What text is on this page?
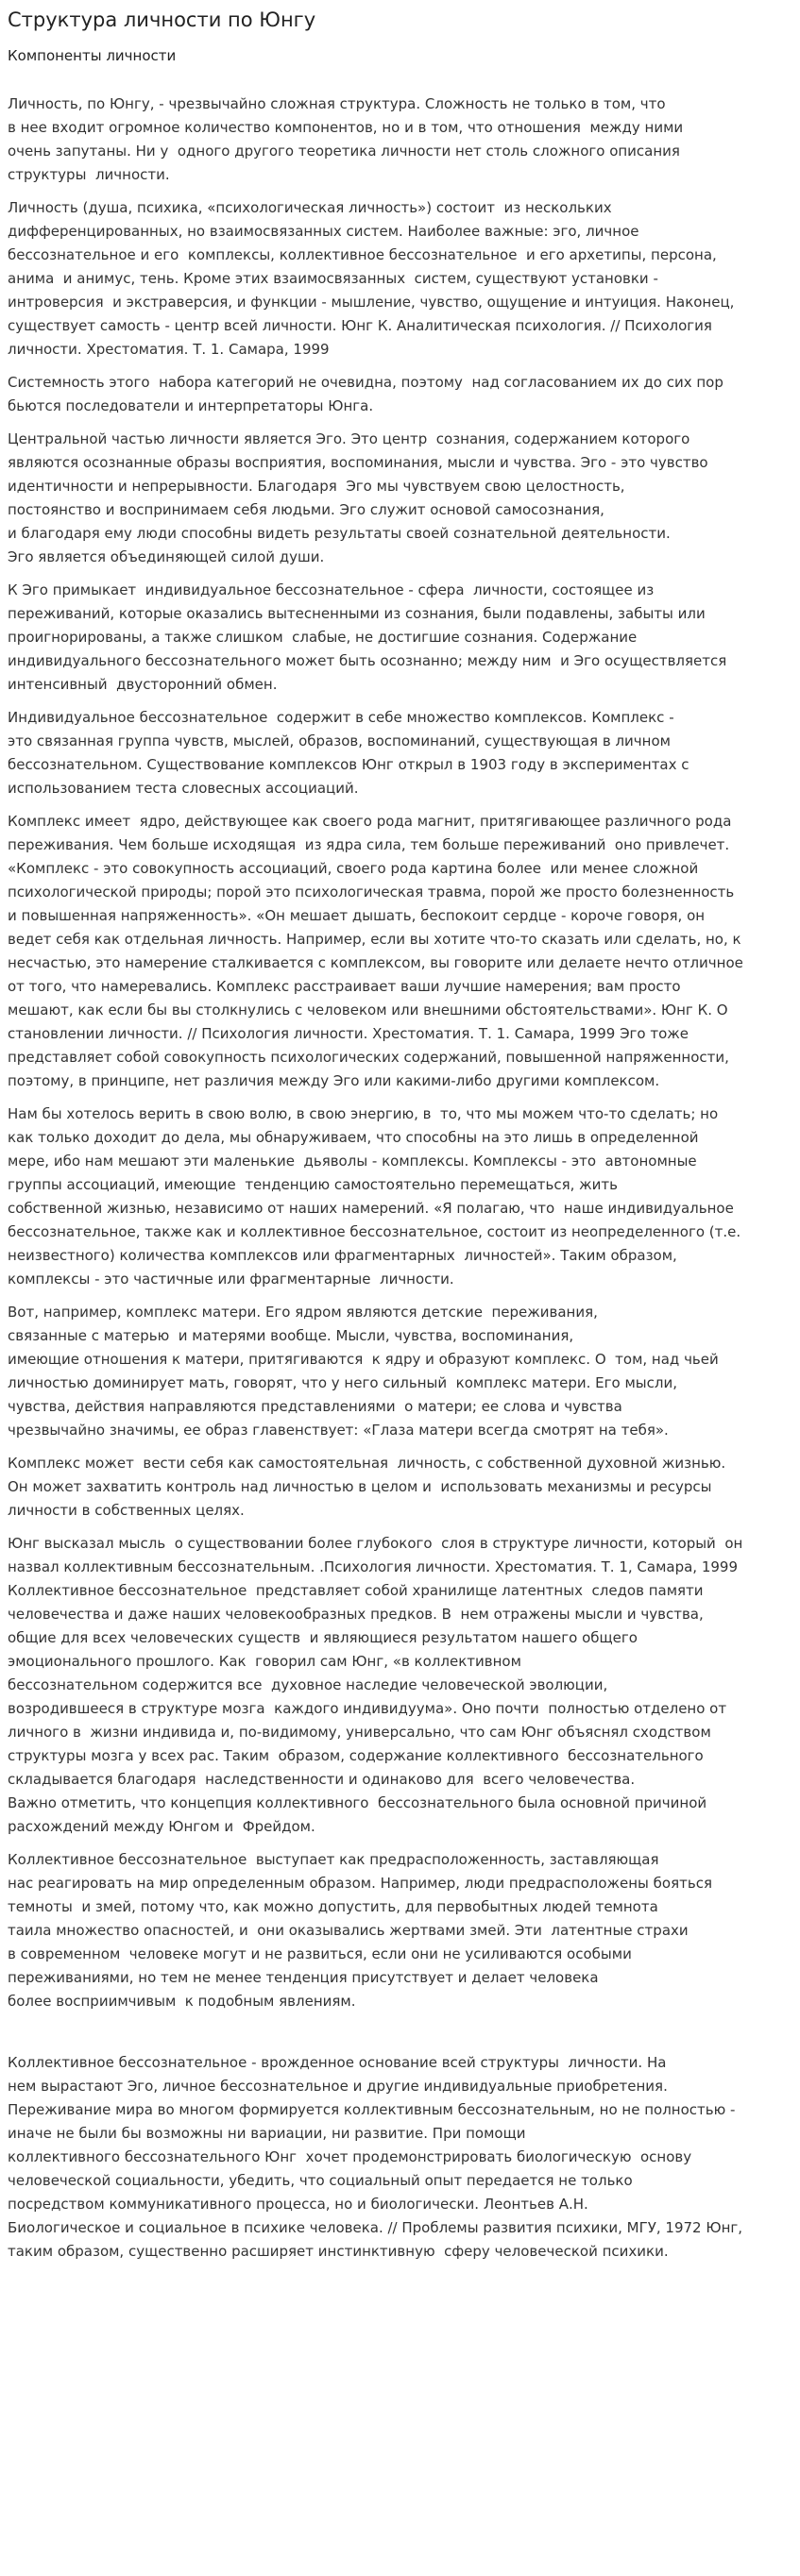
Структура личности по Юнгу
Компоненты личности

Личность, по Юнгу, - чрезвычайно сложная структура. Сложность не только в том, что
в нее входит огромное количество компонентов, но и в том, что отношения  между ними
очень запутаны. Ни у  одного другого теоретика личности нет столь сложного описания
структуры  личности.

Личность (душа, психика, «психологическая личность») состоит  из нескольких
дифференцированных, но взаимосвязанных систем. Наиболее важные: эго, личное
бессознательное и его  комплексы, коллективное бессознательное  и его архетипы, персона,
анима  и анимус, тень. Кроме этих взаимосвязанных  систем, существуют установки -
интроверсия  и экстраверсия, и функции - мышление, чувство, ощущение и интуиция. Наконец,
существует самость - центр всей личности. Юнг К. Аналитическая психология. // Психология
личности. Хрестоматия. Т. 1. Самара, 1999

Системность этого  набора категорий не очевидна, поэтому  над согласованием их до сих пор
бьются последователи и интерпретаторы Юнга.

Центральной частью личности является Эго. Это центр  сознания, содержанием которого
являются осознанные образы восприятия, воспоминания, мысли и чувства. Эго - это чувство
идентичности и непрерывности. Благодаря  Эго мы чувствуем свою целостность,
постоянство и воспринимаем себя людьми. Эго служит основой самосознания,
и благодаря ему люди способны видеть результаты своей сознательной деятельности.
Эго является объединяющей силой души.

К Эго примыкает  индивидуальное бессознательное - сфера  личности, состоящее из
переживаний, которые оказались вытесненными из сознания, были подавлены, забыты или
проигнорированы, а также слишком  слабые, не достигшие сознания. Содержание
индивидуального бессознательного может быть осознанно; между ним  и Эго осуществляется
интенсивный  двусторонний обмен.

Индивидуальное бессознательное  содержит в себе множество комплексов. Комплекс -
это связанная группа чувств, мыслей, образов, воспоминаний, существующая в личном
бессознательном. Существование комплексов Юнг открыл в 1903 году в экспериментах с
использованием теста словесных ассоциаций.

Комплекс имеет  ядро, действующее как своего рода магнит, притягивающее различного рода
переживания. Чем больше исходящая  из ядра сила, тем больше переживаний  оно привлечет.
«Комплекс - это совокупность ассоциаций, своего рода картина более  или менее сложной
психологической природы; порой это психологическая травма, порой же просто болезненность
и повышенная напряженность». «Он мешает дышать, беспокоит сердце - короче говоря, он
ведет себя как отдельная личность. Например, если вы хотите что-то сказать или сделать, но, к
несчастью, это намерение сталкивается с комплексом, вы говорите или делаете нечто отличное
от того, что намеревались. Комплекс расстраивает ваши лучшие намерения; вам просто
мешают, как если бы вы столкнулись с человеком или внешними обстоятельствами». Юнг К. О
становлении личности. // Психология личности. Хрестоматия. Т. 1. Самара, 1999 Эго тоже
представляет собой совокупность психологических содержаний, повышенной напряженности,
поэтому, в принципе, нет различия между Эго или какими-либо другими комплексом.

Нам бы хотелось верить в свою волю, в свою энергию, в  то, что мы можем что-то сделать; но
как только доходит до дела, мы обнаруживаем, что способны на это лишь в определенной
мере, ибо нам мешают эти маленькие  дьяволы - комплексы. Комплексы - это  автономные
группы ассоциаций, имеющие  тенденцию самостоятельно перемещаться, жить
собственной жизнью, независимо от наших намерений. «Я полагаю, что  наше индивидуальное
бессознательное, также как и коллективное бессознательное, состоит из неопределенного (т.е.
неизвестного) количества комплексов или фрагментарных  личностей». Таким образом,
комплексы - это частичные или фрагментарные  личности.

Вот, например, комплекс матери. Его ядром являются детские  переживания,
связанные с матерью  и матерями вообще. Мысли, чувства, воспоминания,
имеющие отношения к матери, притягиваются  к ядру и образуют комплекс. О  том, над чьей
личностью доминирует мать, говорят, что у него сильный  комплекс матери. Его мысли,
чувства, действия направляются представлениями  о матери; ее слова и чувства
чрезвычайно значимы, ее образ главенствует: «Глаза матери всегда смотрят на тебя».

Комплекс может  вести себя как самостоятельная  личность, с собственной духовной жизнью.
Он может захватить контроль над личностью в целом и  использовать механизмы и ресурсы
личности в собственных целях.

Юнг высказал мысль  о существовании более глубокого  слоя в структуре личности, который  он
назвал коллективным бессознательным. .Психология личности. Хрестоматия. Т. 1, Самара, 1999
Коллективное бессознательное  представляет собой хранилище латентных  следов памяти
человечества и даже наших человекообразных предков. В  нем отражены мысли и чувства,
общие для всех человеческих существ  и являющиеся результатом нашего общего
эмоционального прошлого. Как  говорил сам Юнг, «в коллективном
бессознательном содержится все  духовное наследие человеческой эволюции,
возродившееся в структуре мозга  каждого индивидуума». Оно почти  полностью отделено от
личного в  жизни индивида и, по-видимому, универсально, что сам Юнг объяснял сходством
структуры мозга у всех рас. Таким  образом, содержание коллективного  бессознательного
складывается благодаря  наследственности и одинаково для  всего человечества.
Важно отметить, что концепция коллективного  бессознательного была основной причиной
расхождений между Юнгом и  Фрейдом.

Коллективное бессознательное  выступает как предрасположенность, заставляющая
нас реагировать на мир определенным образом. Например, люди предрасположены бояться
темноты  и змей, потому что, как можно допустить, для первобытных людей темнота
таила множество опасностей, и  они оказывались жертвами змей. Эти  латентные страхи
в современном  человеке могут и не развиться, если они не усиливаются особыми
переживаниями, но тем не менее тенденция присутствует и делает человека
более восприимчивым  к подобным явлениям.

Коллективное бессознательное - врожденное основание всей структуры  личности. На
нем вырастают Эго, личное бессознательное и другие индивидуальные приобретения.
Переживание мира во многом формируется коллективным бессознательным, но не полностью -
иначе не были бы возможны ни вариации, ни развитие. При помощи
коллективного бессознательного Юнг  хочет продемонстрировать биологическую  основу
человеческой социальности, убедить, что социальный опыт передается не только
посредством коммуникативного процесса, но и биологически. Леонтьев А.Н.
Биологическое и социальное в психике человека. // Проблемы развития психики, МГУ, 1972 Юнг,
таким образом, существенно расширяет инстинктивную  сферу человеческой психики.
